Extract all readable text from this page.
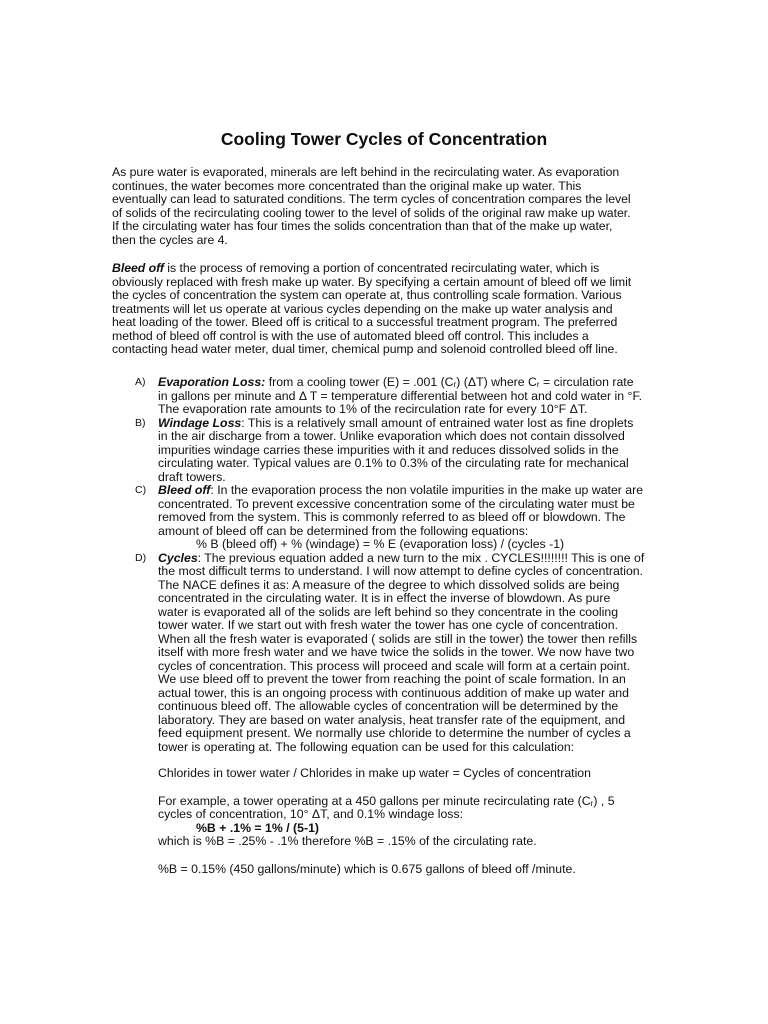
Cooling Tower Cycles of Concentration
As pure water is evaporated, minerals are left behind in the recirculating water. As evaporation
continues, the water becomes more concentrated than the original make up water. This
eventually can lead to saturated conditions. The term cycles of concentration compares the level
of solids of the recirculating cooling tower to the level of solids of the original raw make up water.
If the circulating water has four times the solids concentration than that of the make up water,
then the cycles are 4.
Bleed off is the process of removing a portion of concentrated recirculating water, which is
obviously replaced with fresh make up water. By specifying a certain amount of bleed off we limit
the cycles of concentration the system can operate at, thus controlling scale formation. Various
treatments will let us operate at various cycles depending on the make up water analysis and
heat loading of the tower. Bleed off is critical to a successful treatment program. The preferred
method of bleed off control is with the use of automated bleed off control. This includes a
contacting head water meter, dual timer, chemical pump and solenoid controlled bleed off line.
A) Evaporation Loss: from a cooling tower (E) = .001 $(C_r)$ (ΔT) where $C_r$ = circulation rate
in gallons per minute and Δ T = temperature differential between hot and cold water in °F.
The evaporation rate amounts to 1% of the recirculation rate for every 10°F ΔT.
B) Windage Loss: This is a relatively small amount of entrained water lost as fine droplets
in the air discharge from a tower. Unlike evaporation which does not contain dissolved
impurities windage carries these impurities with it and reduces dissolved solids in the
circulating water. Typical values are 0.1% to 0.3% of the circulating rate for mechanical
draft towers.
C) Bleed off: In the evaporation process the non volatile impurities in the make up water are
concentrated. To prevent excessive concentration some of the circulating water must be
removed from the system. This is commonly referred to as bleed off or blowdown. The
amount of bleed off can be determined from the following equations:
% B (bleed off) + % (windage) = % E (evaporation loss) / (cycles -1)
D) Cycles: The previous equation added a new turn to the mix . CYCLES!!!!!!!! This is one of
the most difficult terms to understand. I will now attempt to define cycles of concentration.
The NACE defines it as: A measure of the degree to which dissolved solids are being
concentrated in the circulating water. It is in effect the inverse of blowdown. As pure
water is evaporated all of the solids are left behind so they concentrate in the cooling
tower water. If we start out with fresh water the tower has one cycle of concentration.
When all the fresh water is evaporated ( solids are still in the tower) the tower then refills
itself with more fresh water and we have twice the solids in the tower. We now have two
cycles of concentration. This process will proceed and scale will form at a certain point.
We use bleed off to prevent the tower from reaching the point of scale formation. In an
actual tower, this is an ongoing process with continuous addition of make up water and
continuous bleed off. The allowable cycles of concentration will be determined by the
laboratory. They are based on water analysis, heat transfer rate of the equipment, and
feed equipment present. We normally use chloride to determine the number of cycles a
tower is operating at. The following equation can be used for this calculation:
Chlorides in tower water / Chlorides in make up water = Cycles of concentration
For example, a tower operating at a 450 gallons per minute recirculating rate $(C_r)$ , 5
cycles of concentration, 10° ΔT, and 0.1% windage loss:
%B + .1% = 1% / (5-1)
which is %B = .25% - .1% therefore %B = .15% of the circulating rate.
%B = 0.15% (450 gallons/minute) which is 0.675 gallons of bleed off /minute.
